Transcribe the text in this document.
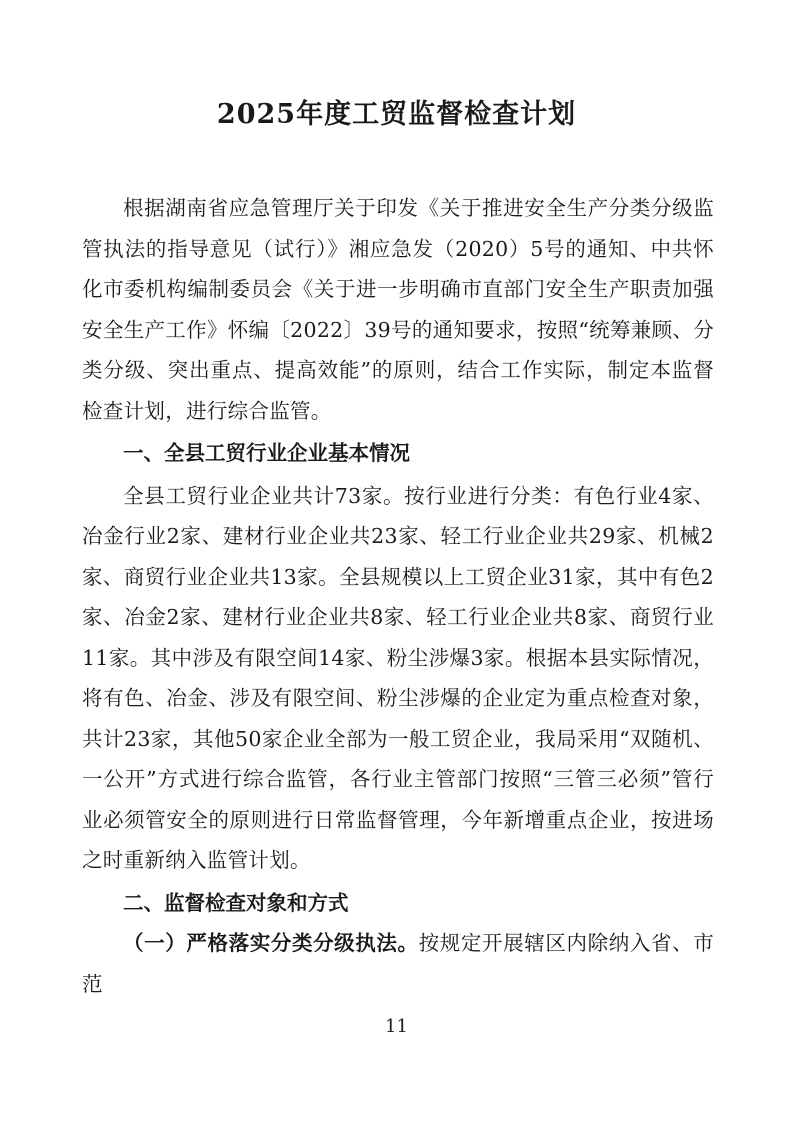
2025年度工贸监督检查计划

根据湖南省应急管理厅关于印发《关于推进安全生产分类分级监管执法的指导意见（试行）》湘应急发（2020）5号的通知、中共怀化市委机构编制委员会《关于进一步明确市直部门安全生产职责加强安全生产工作》怀编〔2022〕39号的通知要求，按照“统筹兼顾、分类分级、突出重点、提高效能”的原则，结合工作实际，制定本监督检查计划，进行综合监管。

一、全县工贸行业企业基本情况

全县工贸行业企业共计73家。按行业进行分类：有色行业4家、冶金行业2家、建材行业企业共23家、轻工行业企业共29家、机械2家、商贸行业企业共13家。全县规模以上工贸企业31家，其中有色2家、冶金2家、建材行业企业共8家、轻工行业企业共8家、商贸行业11家。其中涉及有限空间14家、粉尘涉爆3家。根据本县实际情况，将有色、冶金、涉及有限空间、粉尘涉爆的企业定为重点检查对象，共计23家，其他50家企业全部为一般工贸企业，我局采用“双随机、一公开”方式进行综合监管，各行业主管部门按照“三管三必须”管行业必须管安全的原则进行日常监督管理，今年新增重点企业，按进场之时重新纳入监管计划。

二、监督检查对象和方式

（一）严格落实分类分级执法。按规定开展辖区内除纳入省、市范

11
